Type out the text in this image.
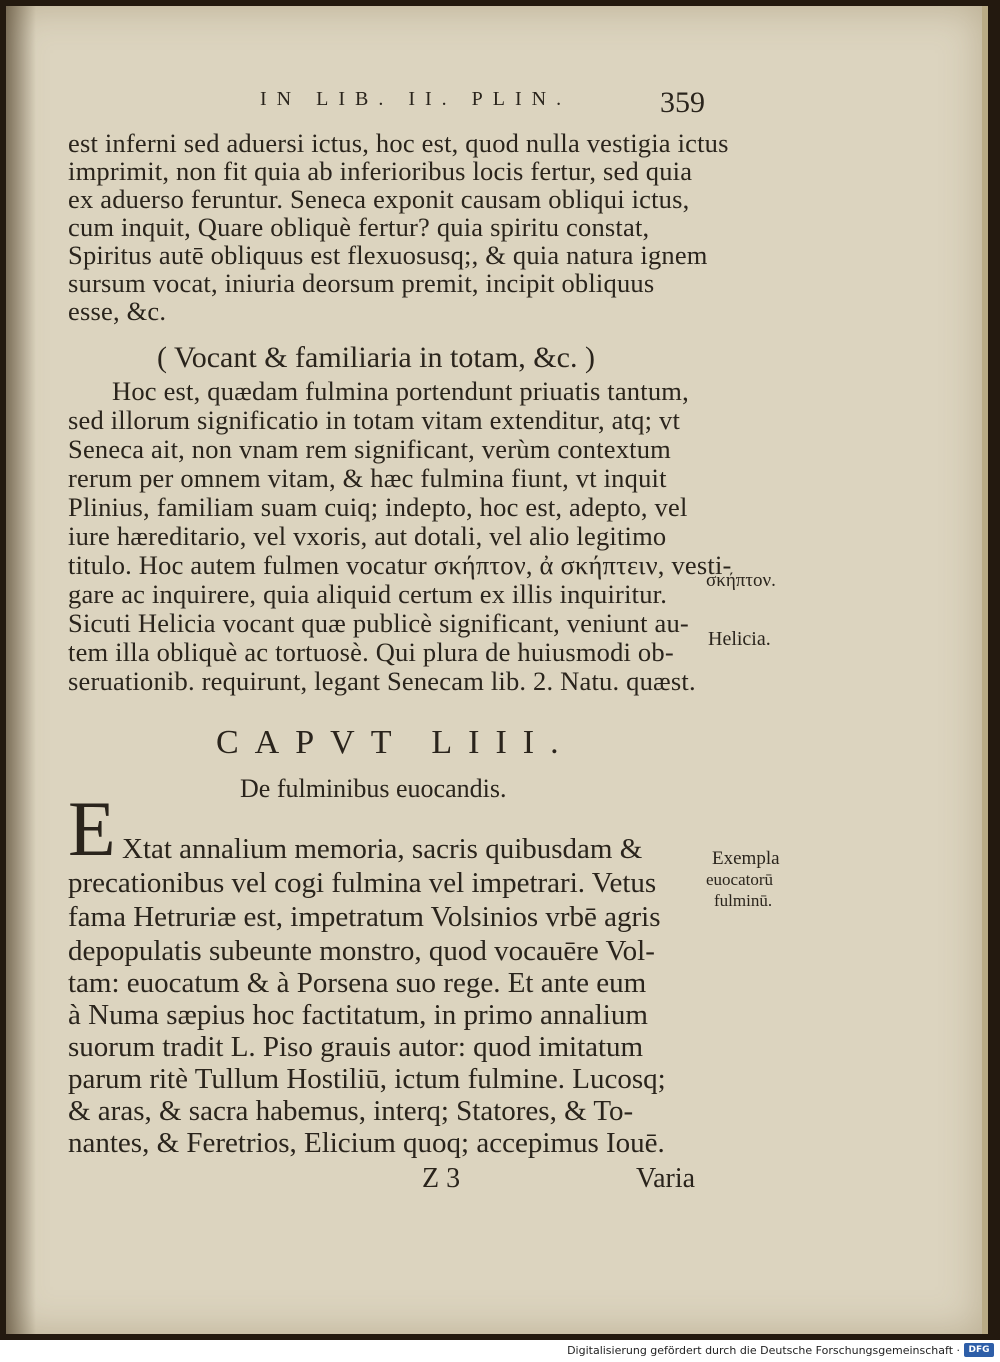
IN LIB. II. PLIN.	359
est inferni sed aduersi ictus, hoc est, quod nulla vestigia ictus
imprimit, non fit quia ab inferioribus locis fertur, sed quia
ex aduerso feruntur. Seneca exponit causam obliqui ictus,
cum inquit, Quare obliquè fertur? quia spiritu constat,
Spiritus autē obliquus est flexuosusq;, & quia natura ignem
sursum vocat, iniuria deorsum premit, incipit obliquus
esse, &c.
( Vocant & familiaria in totam, &c. )
Hoc est, quædam fulmina portendunt priuatis tantum,
sed illorum significatio in totam vitam extenditur, atq; vt
Seneca ait, non vnam rem significant, verùm contextum
rerum per omnem vitam, & hæc fulmina fiunt, vt inquit
Plinius, familiam suam cuiq; indepto, hoc est, adepto, vel
iure hæreditario, vel vxoris, aut dotali, vel alio legitimo
titulo. Hoc autem fulmen vocatur σκήπτον, ἀ σκήπτειν, vesti-
gare ac inquirere, quia aliquid certum ex illis inquiritur.
Sicuti Helicia vocant quæ publicè significant, veniunt au-
tem illa obliquè ac tortuosè. Qui plura de huiusmodi ob-
seruationib. requirunt, legant Senecam lib. 2. Natu. quæst.
σκήπτον.
Helicia.
CAPVT LIII.
De fulminibus euocandis.
E Xtat annalium memoria, sacris quibusdam &
precationibus vel cogi fulmina vel impetrari. Vetus
fama Hetruriæ est, impetratum Volsinios vrbē agris
depopulatis subeunte monstro, quod vocauēre Vol-
tam: euocatum & à Porsena suo rege. Et ante eum
à Numa sæpius hoc factitatum, in primo annalium
suorum tradit L. Piso grauis autor: quod imitatum
parum ritè Tullum Hostiliū, ictum fulmine. Lucosq;
& aras, & sacra habemus, interq; Statores, & To-
nantes, & Feretrios, Elicium quoq; accepimus Iouē.
Exempla
euocatorū
fulminū.
Z 3	Varia
Digitalisierung gefördert durch die Deutsche Forschungsgemeinschaft · DFG
